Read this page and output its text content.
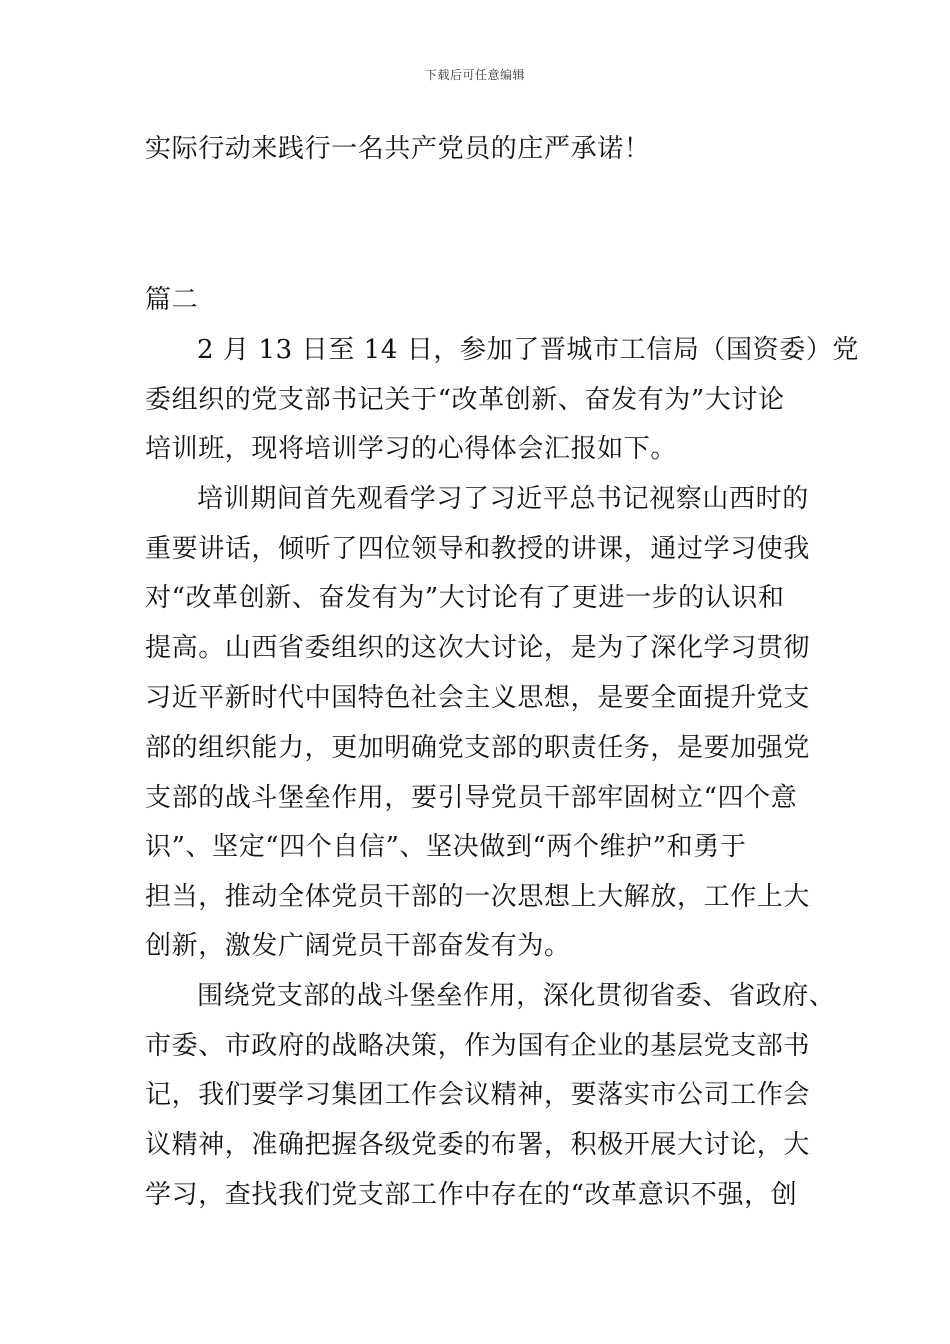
下载后可任意编辑
实际行动来践行一名共产党员的庄严承诺！
篇二
2 月 13 日至 14 日，参加了晋城市工信局（国资委）党
委组织的党支部书记关于“改革创新、奋发有为”大讨论
培训班，现将培训学习的心得体会汇报如下。
培训期间首先观看学习了习近平总书记视察山西时的
重要讲话，倾听了四位领导和教授的讲课，通过学习使我
对“改革创新、奋发有为”大讨论有了更进一步的认识和
提高。山西省委组织的这次大讨论，是为了深化学习贯彻
习近平新时代中国特色社会主义思想，是要全面提升党支
部的组织能力，更加明确党支部的职责任务，是要加强党
支部的战斗堡垒作用，要引导党员干部牢固树立“四个意
识”、坚定“四个自信”、坚决做到“两个维护”和勇于
担当，推动全体党员干部的一次思想上大解放，工作上大
创新，激发广阔党员干部奋发有为。
围绕党支部的战斗堡垒作用，深化贯彻省委、省政府、
市委、市政府的战略决策，作为国有企业的基层党支部书
记，我们要学习集团工作会议精神，要落实市公司工作会
议精神，准确把握各级党委的布署，积极开展大讨论，大
学习，查找我们党支部工作中存在的“改革意识不强，创
